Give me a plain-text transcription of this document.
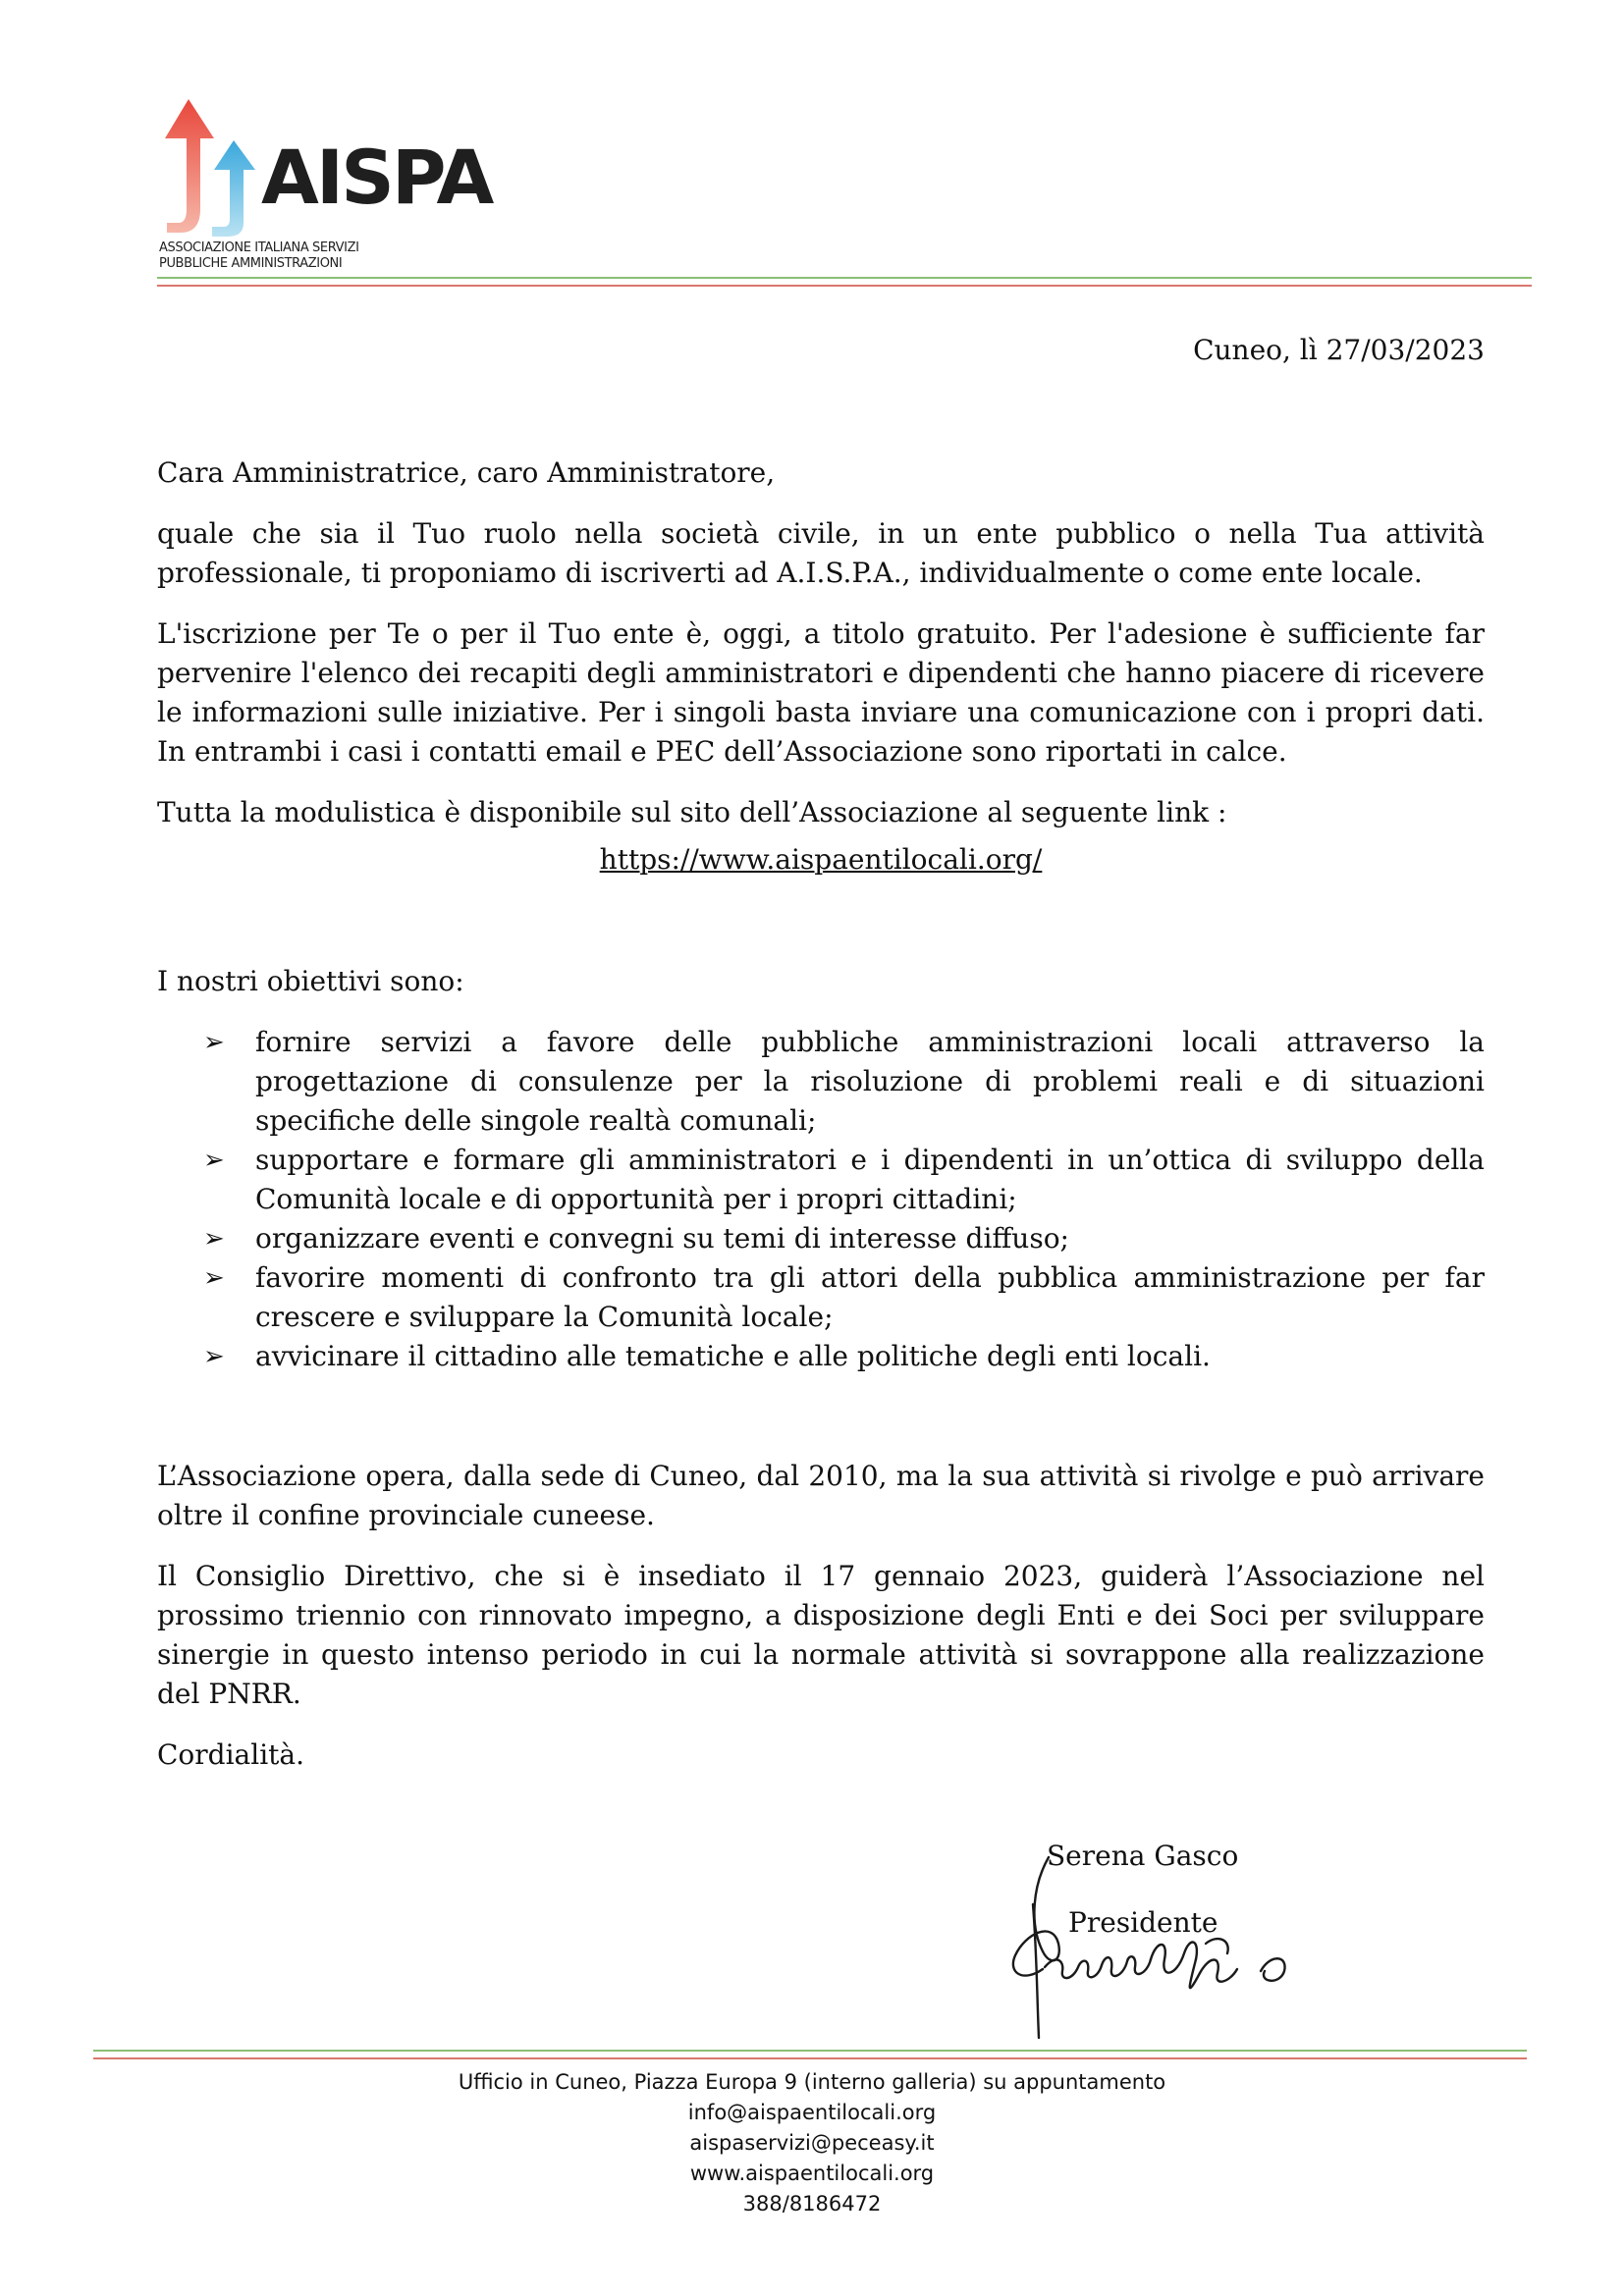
AISPA
ASSOCIAZIONE ITALIANA SERVIZI
PUBBLICHE AMMINISTRAZIONI
Cuneo, lì 27/03/2023

Cara Amministratrice, caro Amministratore,

quale che sia il Tuo ruolo nella società civile, in un ente pubblico o nella Tua attività professionale, ti proponiamo di iscriverti ad A.I.S.P.A., individualmente o come ente locale.

L'iscrizione per Te o per il Tuo ente è, oggi, a titolo gratuito. Per l'adesione è sufficiente far pervenire l'elenco dei recapiti degli amministratori e dipendenti che hanno piacere di ricevere le informazioni sulle iniziative. Per i singoli basta inviare una comunicazione con i propri dati. In entrambi i casi i contatti email e PEC dell’Associazione sono riportati in calce.

Tutta la modulistica è disponibile sul sito dell’Associazione al seguente link :

https://www.aispaentilocali.org/

I nostri obiettivi sono:

➢ fornire servizi a favore delle pubbliche amministrazioni locali attraverso la progettazione di consulenze per la risoluzione di problemi reali e di situazioni specifiche delle singole realtà comunali;
➢ supportare e formare gli amministratori e i dipendenti in un’ottica di sviluppo della Comunità locale e di opportunità per i propri cittadini;
➢ organizzare eventi e convegni su temi di interesse diffuso;
➢ favorire momenti di confronto tra gli attori della pubblica amministrazione per far crescere e sviluppare la Comunità locale;
➢ avvicinare il cittadino alle tematiche e alle politiche degli enti locali.

L’Associazione opera, dalla sede di Cuneo, dal 2010, ma la sua attività si rivolge e può arrivare oltre il confine provinciale cuneese.

Il Consiglio Direttivo, che si è insediato il 17 gennaio 2023, guiderà l’Associazione nel prossimo triennio con rinnovato impegno, a disposizione degli Enti e dei Soci per sviluppare sinergie in questo intenso periodo in cui la normale attività si sovrappone alla realizzazione del PNRR.

Cordialità.

Serena Gasco
Presidente
Ufficio in Cuneo, Piazza Europa 9 (interno galleria) su appuntamento
info@aispaentilocali.org
aispaservizi@peceasy.it
www.aispaentilocali.org
388/8186472
